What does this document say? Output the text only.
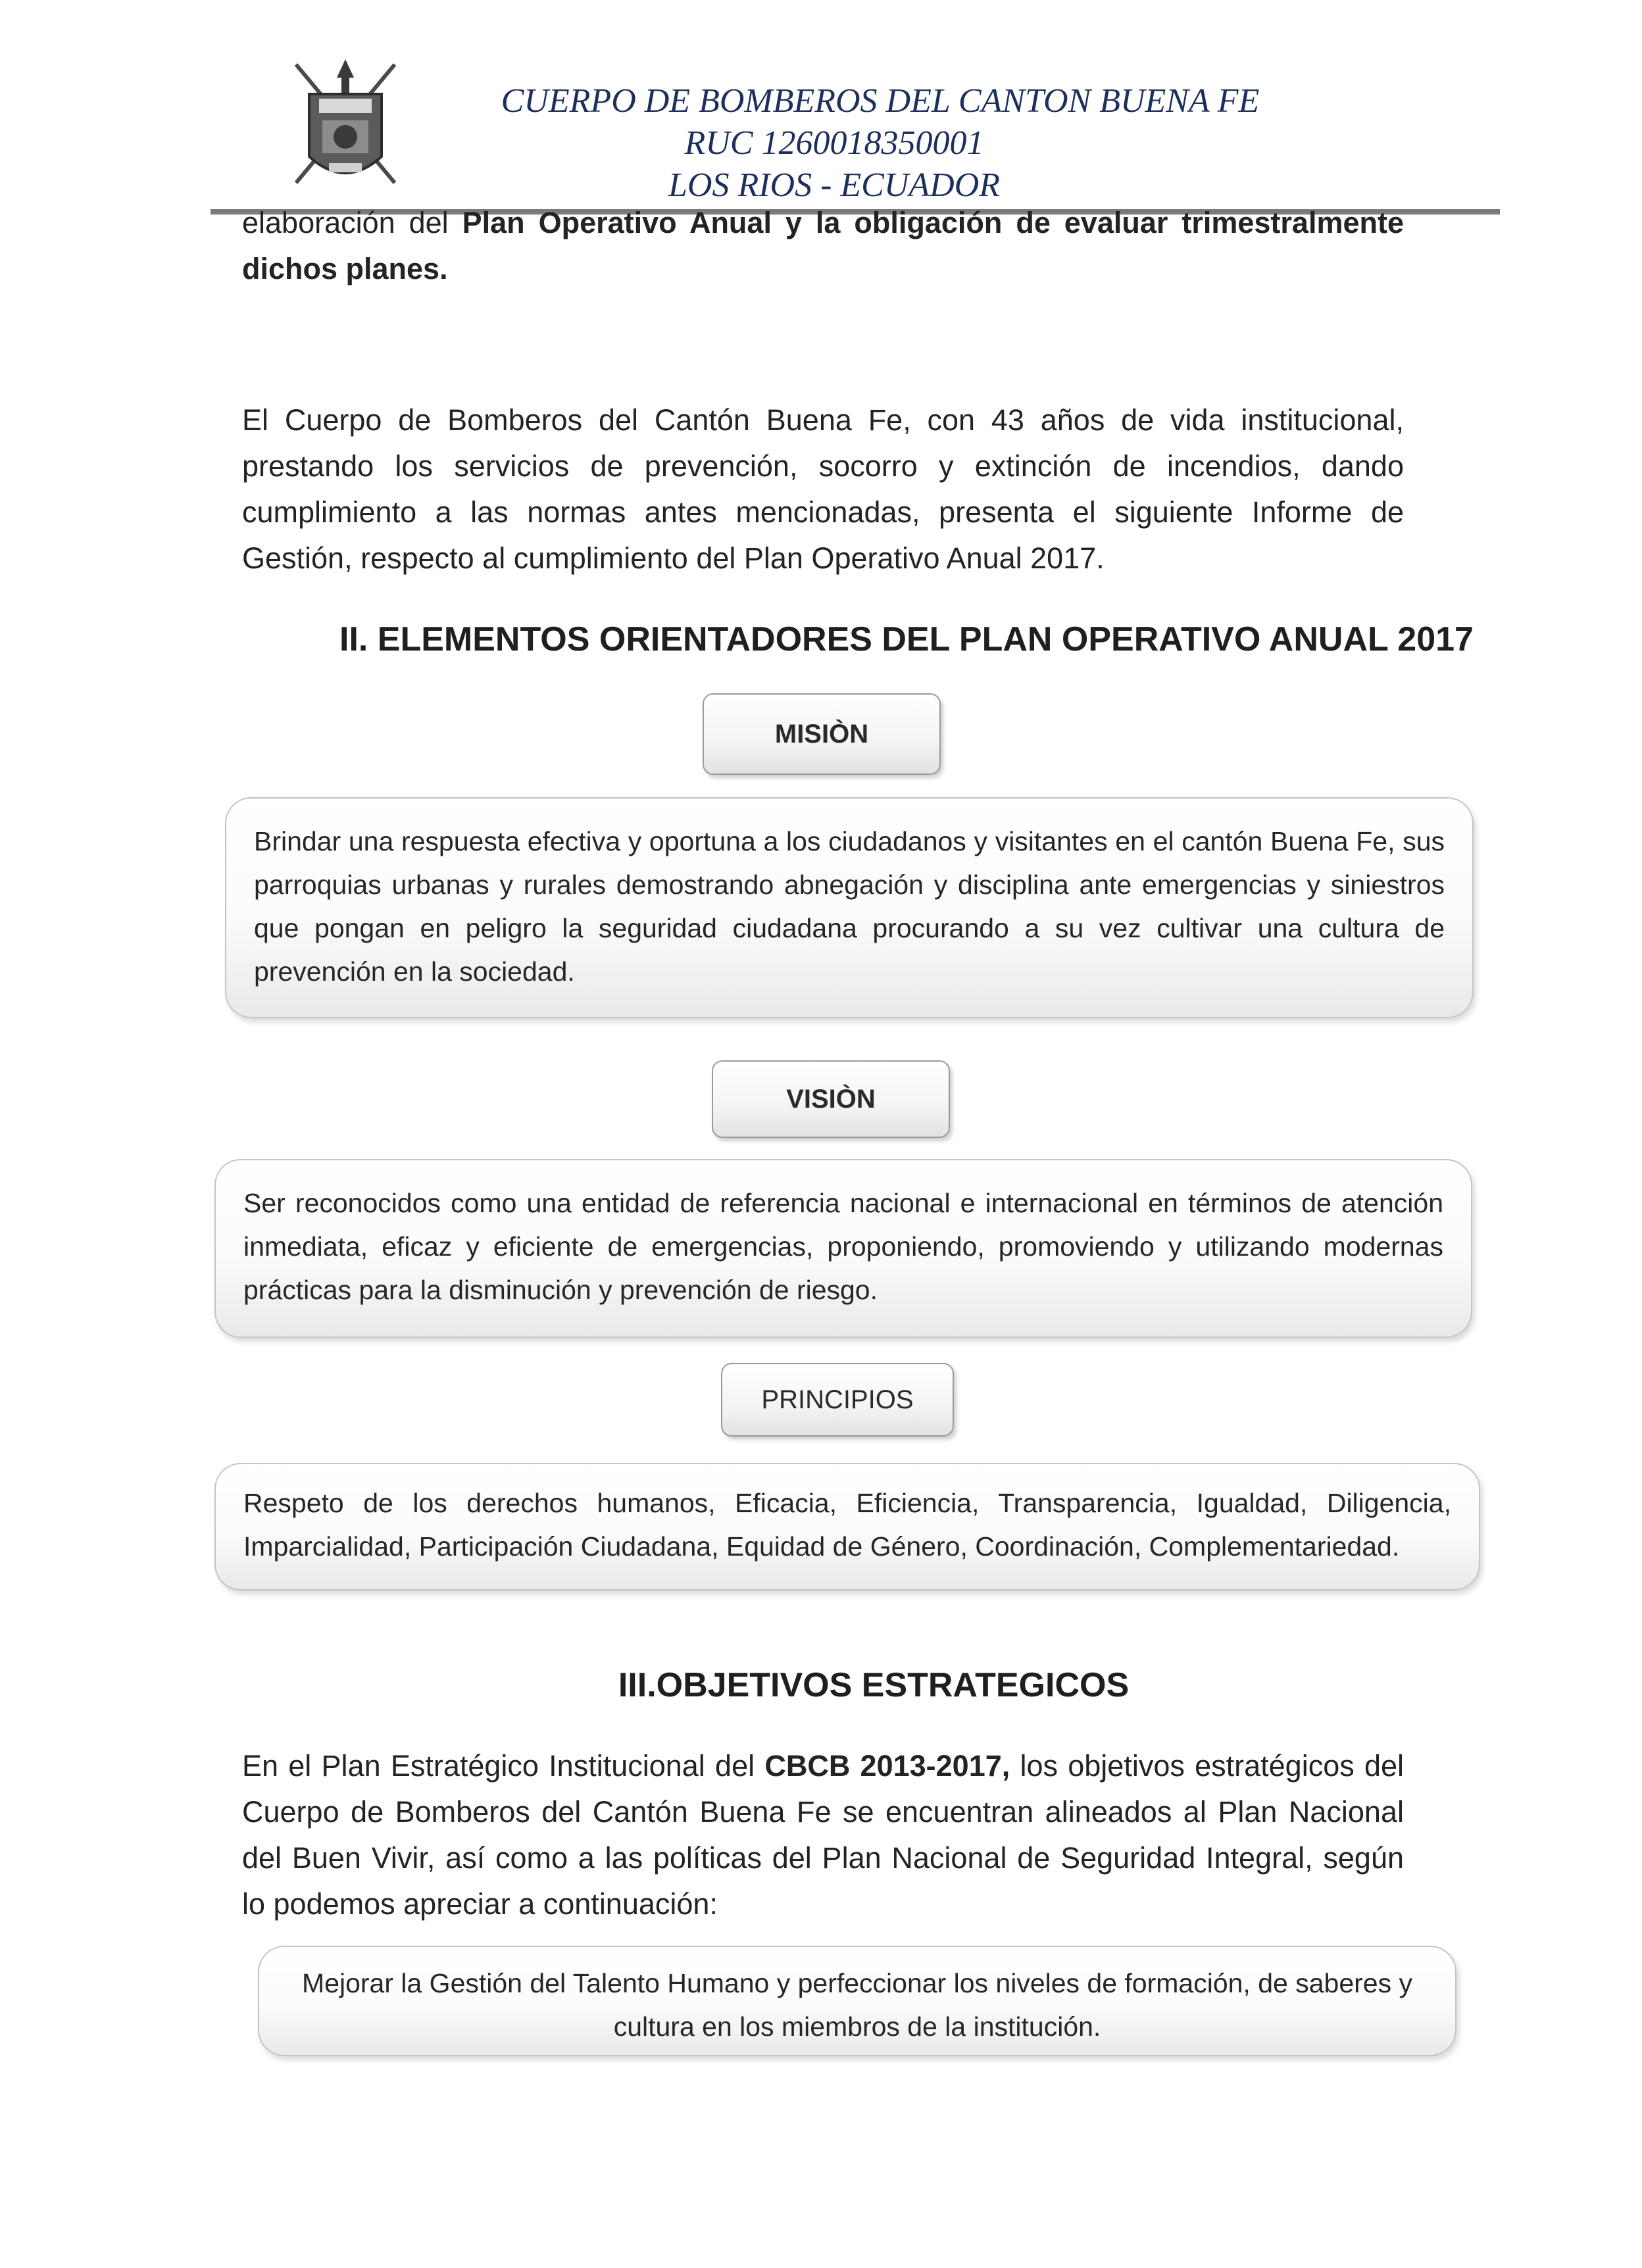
CUERPO DE BOMBEROS DEL CANTON BUENA FE
RUC 1260018350001
LOS RIOS - ECUADOR
elaboración del Plan Operativo Anual y la obligación de evaluar trimestralmente dichos planes.
El Cuerpo de Bomberos del Cantón Buena Fe, con 43 años de vida institucional, prestando los servicios de prevención, socorro y extinción de incendios, dando cumplimiento a las normas antes mencionadas, presenta el siguiente Informe de Gestión, respecto al cumplimiento del Plan Operativo Anual 2017.
II. ELEMENTOS ORIENTADORES DEL PLAN OPERATIVO ANUAL 2017
MISIÒN
Brindar una respuesta efectiva y oportuna a los ciudadanos y visitantes en el cantón Buena Fe, sus parroquias urbanas y rurales demostrando abnegación y disciplina ante emergencias y siniestros que pongan en peligro la seguridad ciudadana procurando a su vez cultivar una cultura de prevención en la sociedad.
VISIÒN
Ser reconocidos como una entidad de referencia nacional e internacional en términos de atención inmediata, eficaz y eficiente de emergencias, proponiendo, promoviendo y utilizando modernas prácticas para la disminución y prevención de riesgo.
PRINCIPIOS
Respeto de los derechos humanos, Eficacia, Eficiencia, Transparencia, Igualdad, Diligencia, Imparcialidad, Participación Ciudadana, Equidad de Género, Coordinación, Complementariedad.
III.OBJETIVOS ESTRATEGICOS
En el Plan Estratégico Institucional del CBCB 2013-2017, los objetivos estratégicos del Cuerpo de Bomberos del Cantón Buena Fe se encuentran alineados al Plan Nacional del Buen Vivir, así como a las políticas del Plan Nacional de Seguridad Integral, según lo podemos apreciar a continuación:
Mejorar la Gestión del Talento Humano y perfeccionar los niveles de formación, de saberes y cultura en los miembros de la institución.
